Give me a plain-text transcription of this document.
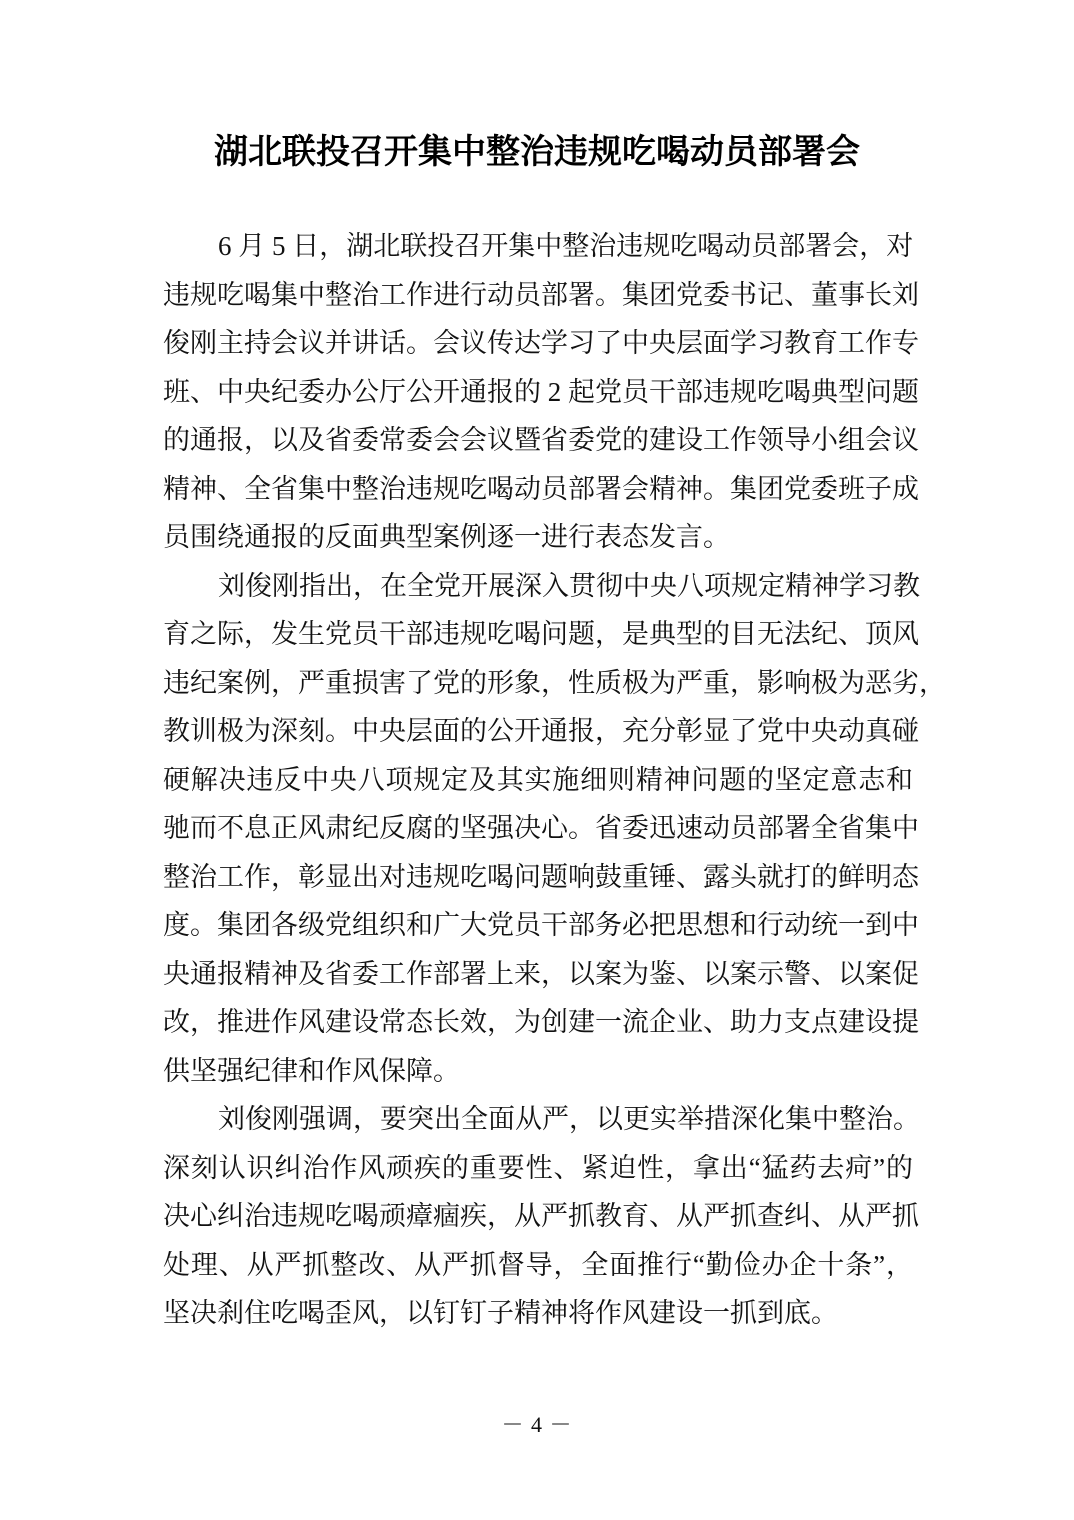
湖北联投召开集中整治违规吃喝动员部署会
6 月 5 日，湖北联投召开集中整治违规吃喝动员部署会，对
违规吃喝集中整治工作进行动员部署。集团党委书记、董事长刘
俊刚主持会议并讲话。会议传达学习了中央层面学习教育工作专
班、中央纪委办公厅公开通报的 2 起党员干部违规吃喝典型问题
的通报，以及省委常委会会议暨省委党的建设工作领导小组会议
精神、全省集中整治违规吃喝动员部署会精神。集团党委班子成
员围绕通报的反面典型案例逐一进行表态发言。
刘俊刚指出，在全党开展深入贯彻中央八项规定精神学习教
育之际，发生党员干部违规吃喝问题，是典型的目无法纪、顶风
违纪案例，严重损害了党的形象，性质极为严重，影响极为恶劣，
教训极为深刻。中央层面的公开通报，充分彰显了党中央动真碰
硬解决违反中央八项规定及其实施细则精神问题的坚定意志和
驰而不息正风肃纪反腐的坚强决心。省委迅速动员部署全省集中
整治工作，彰显出对违规吃喝问题响鼓重锤、露头就打的鲜明态
度。集团各级党组织和广大党员干部务必把思想和行动统一到中
央通报精神及省委工作部署上来，以案为鉴、以案示警、以案促
改，推进作风建设常态长效，为创建一流企业、助力支点建设提
供坚强纪律和作风保障。
刘俊刚强调，要突出全面从严，以更实举措深化集中整治。
深刻认识纠治作风顽疾的重要性、紧迫性，拿出“猛药去疴”的
决心纠治违规吃喝顽瘴痼疾，从严抓教育、从严抓查纠、从严抓
处理、从严抓整改、从严抓督导，全面推行“勤俭办企十条”，
坚决刹住吃喝歪风，以钉钉子精神将作风建设一抓到底。
－ 4 －
